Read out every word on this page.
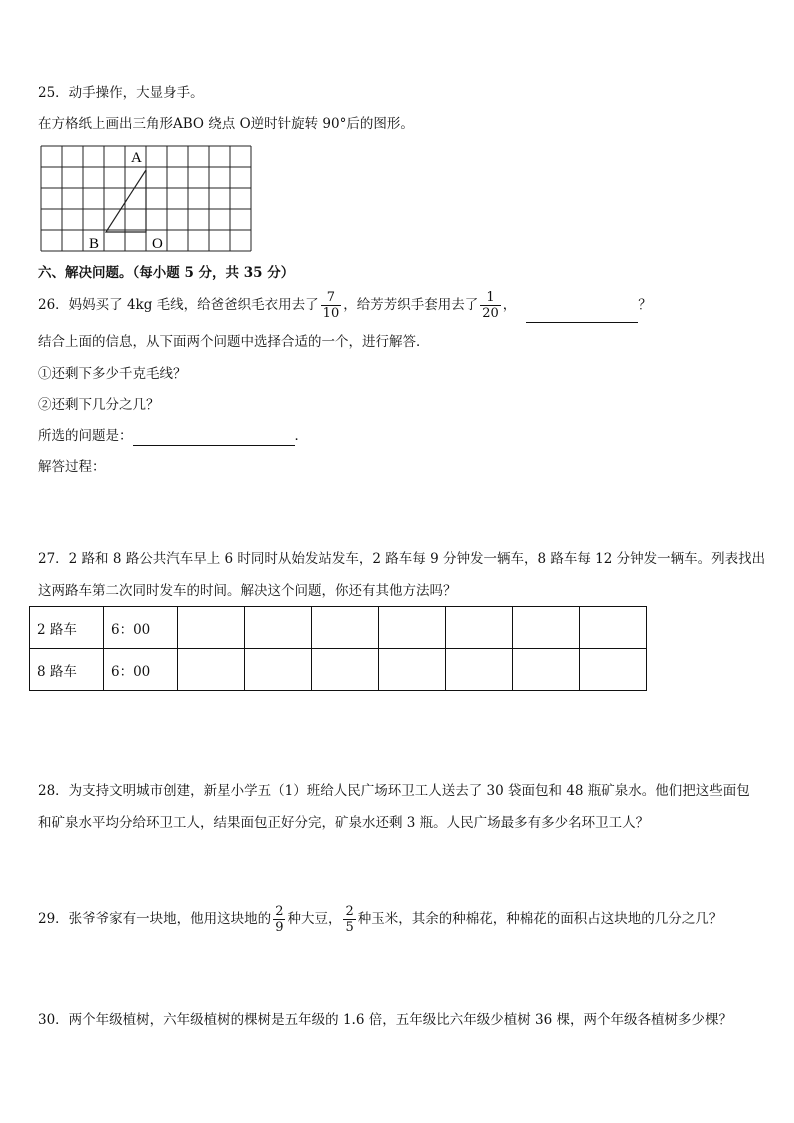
25．动手操作，大显身手。
在方格纸上画出三角形ABO 绕点 O逆时针旋转 90°后的图形。
A
B	O
六、解决问题。（每小题 5 分，共 35 分）
26．妈妈买了 4kg 毛线，给爸爸织毛衣用去了 $\frac{7}{10}$ ，给芳芳织手套用去了 $\frac{1}{20}$ ，	？
结合上面的信息，从下面两个问题中选择合适的一个，进行解答．
①还剩下多少千克毛线？
②还剩下几分之几？
所选的问题是：	．
解答过程：
27．2 路和 8 路公共汽车早上 6 时同时从始发站发车，2 路车每 9 分钟发一辆车，8 路车每 12 分钟发一辆车。列表找出
这两路车第二次同时发车的时间。解决这个问题，你还有其他方法吗？
2 路车	6：00							
8 路车	6：00							
28．为支持文明城市创建，新星小学五（1）班给人民广场环卫工人送去了 30 袋面包和 48 瓶矿泉水。他们把这些面包
和矿泉水平均分给环卫工人，结果面包正好分完，矿泉水还剩 3 瓶。人民广场最多有多少名环卫工人？
29．张爷爷家有一块地，他用这块地的 $\frac{2}{9}$ 种大豆， $\frac{2}{5}$ 种玉米，其余的种棉花，种棉花的面积占这块地的几分之几？
30．两个年级植树，六年级植树的棵树是五年级的 1.6 倍，五年级比六年级少植树 36 棵，两个年级各植树多少棵？
